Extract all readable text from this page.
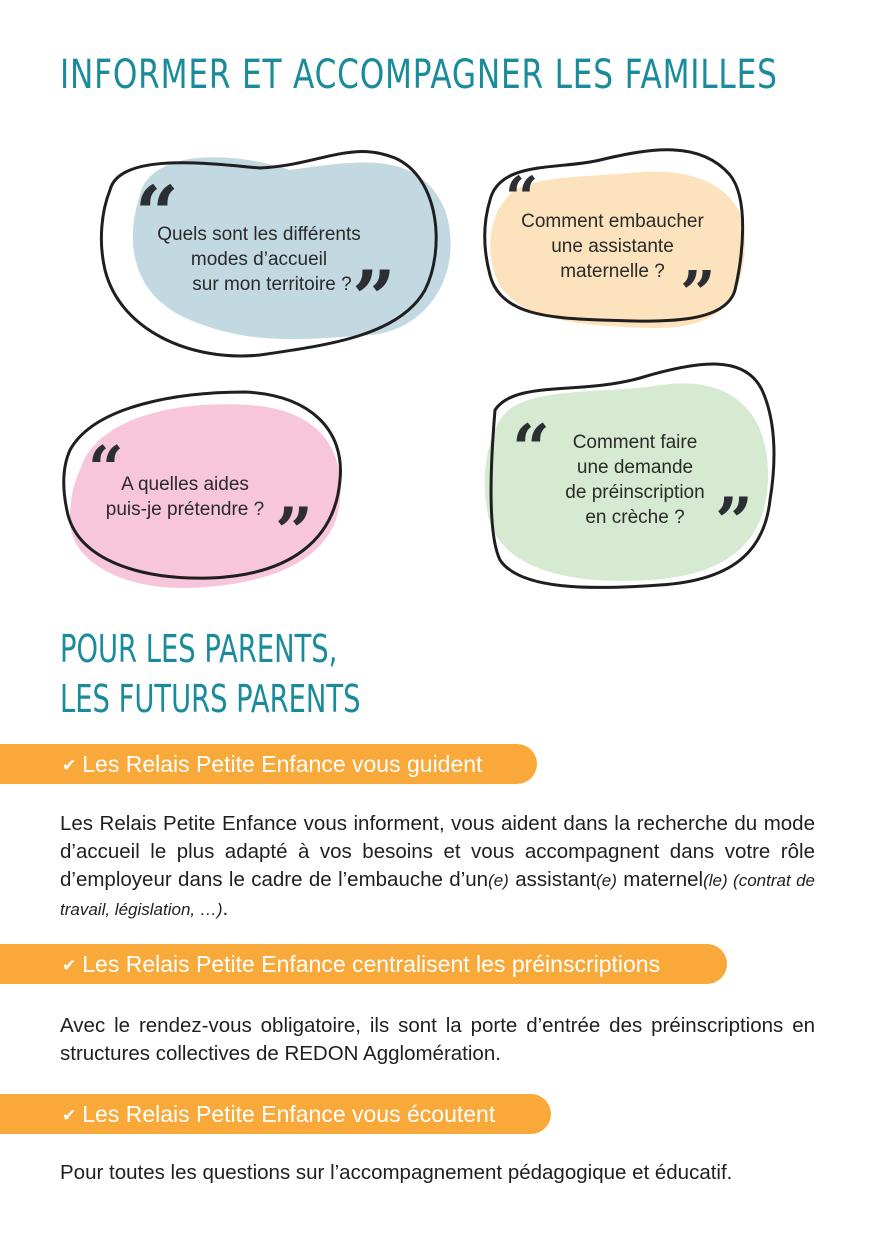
INFORMER ET ACCOMPAGNER LES FAMILLES
“
”
“
”
“
”
“
”
Quels sont les différents
modes d’accueil
sur mon territoire ?
Comment embaucher
une assistante
maternelle ?
A quelles aides
puis-je prétendre ?
Comment faire
une demande
de préinscription
en crèche ?
POUR LES PARENTS,
LES FUTURS PARENTS
✔ Les Relais Petite Enfance vous guident

Les Relais Petite Enfance vous informent, vous aident dans la recherche du mode d’accueil le plus adapté à vos besoins et vous accompagnent dans votre rôle d’employeur dans le cadre de l’embauche d’un(e) assistant(e) maternel(le) (contrat de travail, législation, …).

✔ Les Relais Petite Enfance centralisent les préinscriptions

Avec le rendez-vous obligatoire, ils sont la porte d’entrée des préinscriptions en structures collectives de REDON Agglomération.

✔ Les Relais Petite Enfance vous écoutent

Pour toutes les questions sur l’accompagnement pédagogique et éducatif.
